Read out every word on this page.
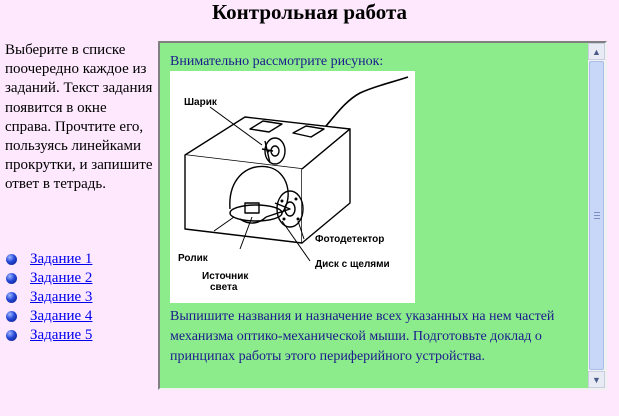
Контрольная работа
Выберите в списке поочередно каждое из заданий. Текст задания появится в окне справа. Прочтите его, пользуясь линейками прокрутки, и запишите ответ в тетрадь.
Задание 1
Задание 2
Задание 3
Задание 4
Задание 5

Внимательно рассмотрите рисунок:

Шарик
Фотодетектор
Ролик
Диск с щелями
Источник
света

Выпишите названия и назначение всех указанных на нем частей механизма оптико-механической мыши. Подготовьте доклад о принципах работы этого периферийного устройства.

▲
▼
